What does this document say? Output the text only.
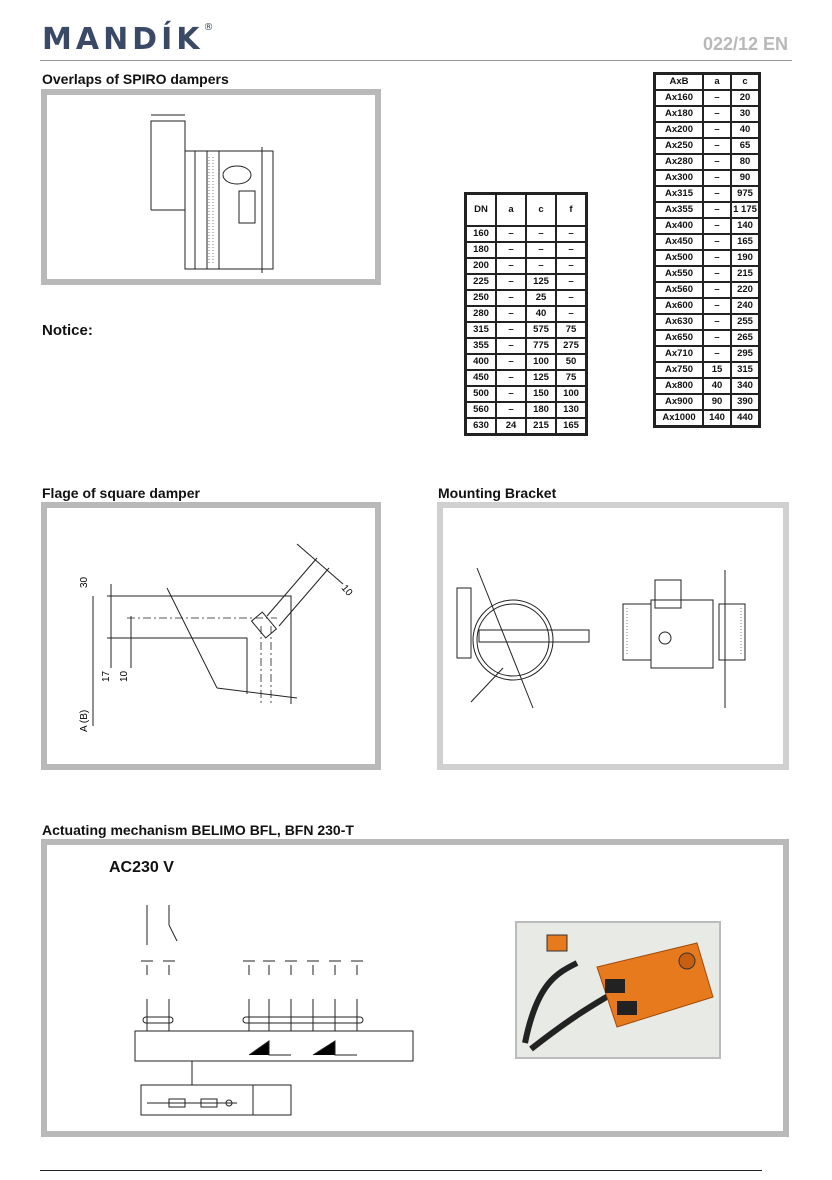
MANDÍK®
022/12 EN
Overlaps of SPIRO dampers
Notice:
DN	a	c	f
160	–	–	–
180	–	–	–
200	–	–	–
225	–	125	–
250	–	25	–
280	–	40	–
315	–	575	75
355	–	775	275
400	–	100	50
450	–	125	75
500	–	150	100
560	–	180	130
630	24	215	165
AxB	a	c
Ax160	–	20
Ax180	–	30
Ax200	–	40
Ax250	–	65
Ax280	–	80
Ax300	–	90
Ax315	–	975
Ax355	–	1 175
Ax400	–	140
Ax450	–	165
Ax500	–	190
Ax550	–	215
Ax560	–	220
Ax600	–	240
Ax630	–	255
Ax650	–	265
Ax710	–	295
Ax750	15	315
Ax800	40	340
Ax900	90	390
Ax1000	140	440
Flage of square damper
30
10
17
A (B)
10
Mounting Bracket
Actuating mechanism BELIMO BFL, BFN 230-T
AC230 V
